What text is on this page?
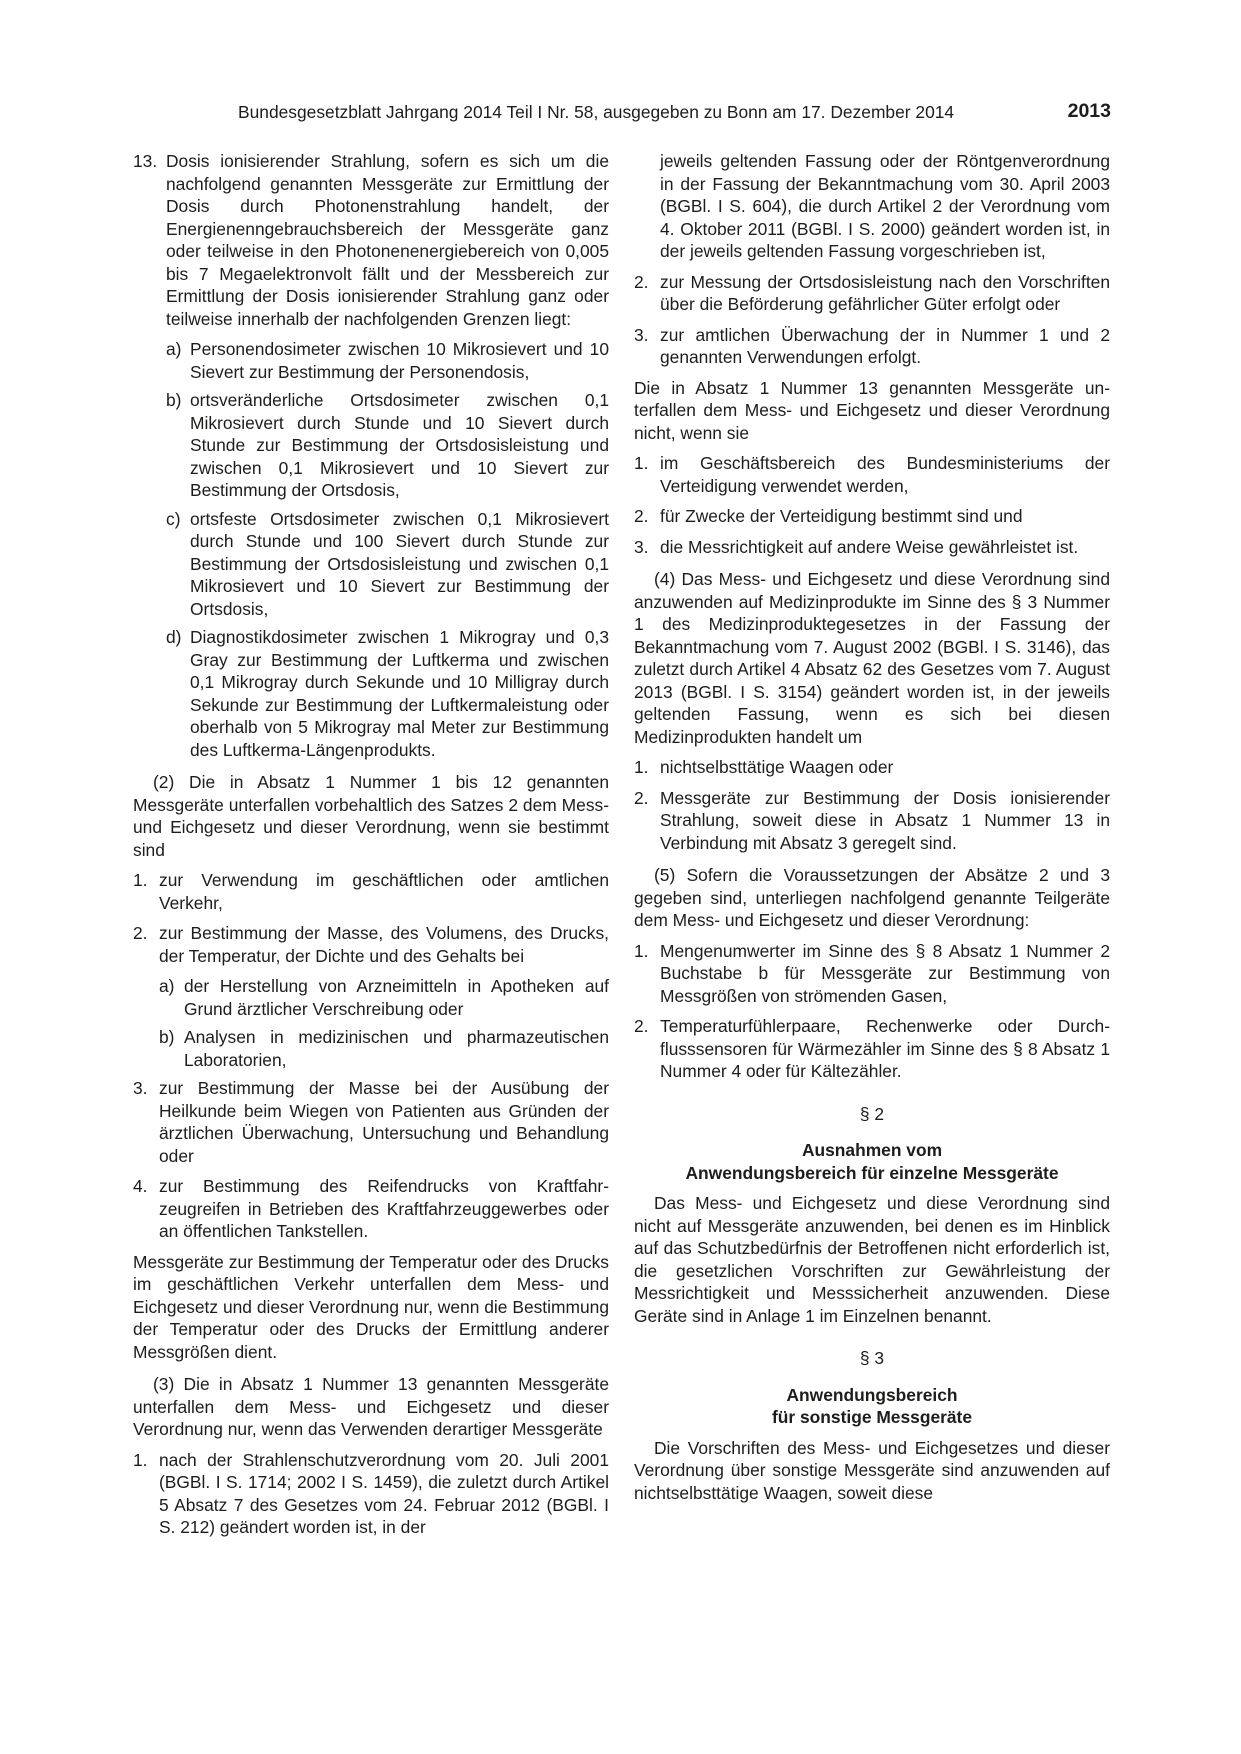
Bundesgesetzblatt Jahrgang 2014 Teil I Nr. 58, ausgegeben zu Bonn am 17. Dezember 2014	2013
13. Dosis ionisierender Strahlung, sofern es sich um die nachfolgend genannten Messgeräte zur Ermittlung der Dosis durch Photonenstrahlung handelt, der Energienenngebrauchsbereich der Messgeräte ganz oder teilweise in den Photonenenergiebereich von 0,005 bis 7 Megaelektronvolt fällt und der Messbereich zur Ermittlung der Dosis ionisierender Strahlung ganz oder teilweise innerhalb der nachfolgenden Grenzen liegt:
a) Personendosimeter zwischen 10 Mikrosievert und 10 Sievert zur Bestimmung der Personendosis,
b) ortsveränderliche Ortsdosimeter zwischen 0,1 Mikrosievert durch Stunde und 10 Sievert durch Stunde zur Bestimmung der Ortsdosisleistung und zwischen 0,1 Mikrosievert und 10 Sievert zur Bestimmung der Ortsdosis,
c) ortsfeste Ortsdosimeter zwischen 0,1 Mikrosievert durch Stunde und 100 Sievert durch Stunde zur Bestimmung der Ortsdosisleistung und zwischen 0,1 Mikrosievert und 10 Sievert zur Bestimmung der Ortsdosis,
d) Diagnostikdosimeter zwischen 1 Mikrogray und 0,3 Gray zur Bestimmung der Luftkerma und zwischen 0,1 Mikrogray durch Sekunde und 10 Milligray durch Sekunde zur Bestimmung der Luftkermaleistung oder oberhalb von 5 Mikrogray mal Meter zur Bestimmung des Luftkerma-Längenprodukts.

(2) Die in Absatz 1 Nummer 1 bis 12 genannten Messgeräte unterfallen vorbehaltlich des Satzes 2 dem Mess- und Eichgesetz und dieser Verordnung, wenn sie bestimmt sind

1. zur Verwendung im geschäftlichen oder amtlichen Verkehr,
2. zur Bestimmung der Masse, des Volumens, des Drucks, der Temperatur, der Dichte und des Gehalts bei
a) der Herstellung von Arzneimitteln in Apotheken auf Grund ärztlicher Verschreibung oder
b) Analysen in medizinischen und pharmazeutischen Laboratorien,
3. zur Bestimmung der Masse bei der Ausübung der Heilkunde beim Wiegen von Patienten aus Gründen der ärztlichen Überwachung, Untersuchung und Behandlung oder
4. zur Bestimmung des Reifendrucks von Kraftfahrzeugreifen in Betrieben des Kraftfahrzeuggewerbes oder an öffentlichen Tankstellen.

Messgeräte zur Bestimmung der Temperatur oder des Drucks im geschäftlichen Verkehr unterfallen dem Mess- und Eichgesetz und dieser Verordnung nur, wenn die Bestimmung der Temperatur oder des Drucks der Ermittlung anderer Messgrößen dient.

(3) Die in Absatz 1 Nummer 13 genannten Messgeräte unterfallen dem Mess- und Eichgesetz und dieser Verordnung nur, wenn das Verwenden derartiger Messgeräte

1. nach der Strahlenschutzverordnung vom 20. Juli 2001 (BGBl. I S. 1714; 2002 I S. 1459), die zuletzt durch Artikel 5 Absatz 7 des Gesetzes vom 24. Februar 2012 (BGBl. I S. 212) geändert worden ist, in der
jeweils geltenden Fassung oder der Röntgenverordnung in der Fassung der Bekanntmachung vom 30. April 2003 (BGBl. I S. 604), die durch Artikel 2 der Verordnung vom 4. Oktober 2011 (BGBl. I S. 2000) geändert worden ist, in der jeweils geltenden Fassung vorgeschrieben ist,
2. zur Messung der Ortsdosisleistung nach den Vorschriften über die Beförderung gefährlicher Güter erfolgt oder
3. zur amtlichen Überwachung der in Nummer 1 und 2 genannten Verwendungen erfolgt.

Die in Absatz 1 Nummer 13 genannten Messgeräte unterfallen dem Mess- und Eichgesetz und dieser Verordnung nicht, wenn sie

1. im Geschäftsbereich des Bundesministeriums der Verteidigung verwendet werden,
2. für Zwecke der Verteidigung bestimmt sind und
3. die Messrichtigkeit auf andere Weise gewährleistet ist.

(4) Das Mess- und Eichgesetz und diese Verordnung sind anzuwenden auf Medizinprodukte im Sinne des § 3 Nummer 1 des Medizinproduktegesetzes in der Fassung der Bekanntmachung vom 7. August 2002 (BGBl. I S. 3146), das zuletzt durch Artikel 4 Absatz 62 des Gesetzes vom 7. August 2013 (BGBl. I S. 3154) geändert worden ist, in der jeweils geltenden Fassung, wenn es sich bei diesen Medizinprodukten handelt um

1. nichtselbsttätige Waagen oder
2. Messgeräte zur Bestimmung der Dosis ionisierender Strahlung, soweit diese in Absatz 1 Nummer 13 in Verbindung mit Absatz 3 geregelt sind.

(5) Sofern die Voraussetzungen der Absätze 2 und 3 gegeben sind, unterliegen nachfolgend genannte Teilgeräte dem Mess- und Eichgesetz und dieser Verordnung:

1. Mengenumwerter im Sinne des § 8 Absatz 1 Nummer 2 Buchstabe b für Messgeräte zur Bestimmung von Messgrößen von strömenden Gasen,
2. Temperaturfühlerpaare, Rechenwerke oder Durchflusssensoren für Wärmezähler im Sinne des § 8 Absatz 1 Nummer 4 oder für Kältezähler.
§ 2
Ausnahmen vom
Anwendungsbereich für einzelne Messgeräte

Das Mess- und Eichgesetz und diese Verordnung sind nicht auf Messgeräte anzuwenden, bei denen es im Hinblick auf das Schutzbedürfnis der Betroffenen nicht erforderlich ist, die gesetzlichen Vorschriften zur Gewährleistung der Messrichtigkeit und Messsicherheit anzuwenden. Diese Geräte sind in Anlage 1 im Einzelnen benannt.

§ 3
Anwendungsbereich
für sonstige Messgeräte

Die Vorschriften des Mess- und Eichgesetzes und dieser Verordnung über sonstige Messgeräte sind anzuwenden auf nichtselbsttätige Waagen, soweit diese
